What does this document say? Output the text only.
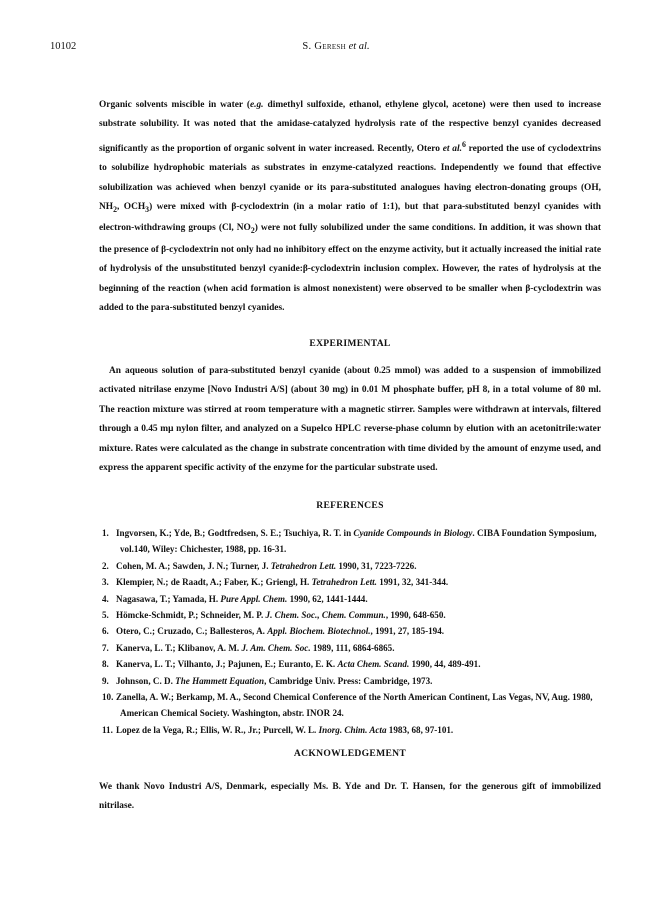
10102	S. Geresh et al.

Organic solvents miscible in water (e.g. dimethyl sulfoxide, ethanol, ethylene glycol, acetone) were then used to increase substrate solubility. It was noted that the amidase-catalyzed hydrolysis rate of the respective benzyl cyanides decreased significantly as the proportion of organic solvent in water increased. Recently, Otero et al.$^6$ reported the use of cyclodextrins to solubilize hydrophobic materials as substrates in enzyme-catalyzed reactions. Independently we found that effective solubilization was achieved when benzyl cyanide or its para-substituted analogues having electron-donating groups (OH, $NH_2$, $OCH_3$) were mixed with β-cyclodextrin (in a molar ratio of 1:1), but that para-substituted benzyl cyanides with electron-withdrawing groups (Cl, $NO_2$) were not fully solubilized under the same conditions. In addition, it was shown that the presence of β-cyclodextrin not only had no inhibitory effect on the enzyme activity, but it actually increased the initial rate of hydrolysis of the unsubstituted benzyl cyanide:β-cyclodextrin inclusion complex. However, the rates of hydrolysis at the beginning of the reaction (when acid formation is almost nonexistent) were observed to be smaller when β-cyclodextrin was added to the para-substituted benzyl cyanides.

EXPERIMENTAL

An aqueous solution of para-substituted benzyl cyanide (about 0.25 mmol) was added to a suspension of immobilized activated nitrilase enzyme [Novo Industri A/S] (about 30 mg) in 0.01 M phosphate buffer, pH 8, in a total volume of 80 ml. The reaction mixture was stirred at room temperature with a magnetic stirrer. Samples were withdrawn at intervals, filtered through a 0.45 mμ nylon filter, and analyzed on a Supelco HPLC reverse-phase column by elution with an acetonitrile:water mixture. Rates were calculated as the change in substrate concentration with time divided by the amount of enzyme used, and express the apparent specific activity of the enzyme for the particular substrate used.

REFERENCES
1. Ingvorsen, K.; Yde, B.; Godtfredsen, S. E.; Tsuchiya, R. T. in Cyanide Compounds in Biology. CIBA Foundation Symposium, vol.140, Wiley: Chichester, 1988, pp. 16-31.
2. Cohen, M. A.; Sawden, J. N.; Turner, J. Tetrahedron Lett. 1990, 31, 7223-7226.
3. Klempier, N.; de Raadt, A.; Faber, K.; Griengl, H. Tetrahedron Lett. 1991, 32, 341-344.
4. Nagasawa, T.; Yamada, H. Pure Appl. Chem. 1990, 62, 1441-1444.
5. Hömcke-Schmidt, P.; Schneider, M. P. J. Chem. Soc., Chem. Commun., 1990, 648-650.
6. Otero, C.; Cruzado, C.; Ballesteros, A. Appl. Biochem. Biotechnol., 1991, 27, 185-194.
7. Kanerva, L. T.; Klibanov, A. M. J. Am. Chem. Soc. 1989, 111, 6864-6865.
8. Kanerva, L. T.; Vilhanto, J.; Pajunen, E.; Euranto, E. K. Acta Chem. Scand. 1990, 44, 489-491.
9. Johnson, C. D. The Hammett Equation, Cambridge Univ. Press: Cambridge, 1973.
10. Zanella, A. W.; Berkamp, M. A., Second Chemical Conference of the North American Continent, Las Vegas, NV, Aug. 1980, American Chemical Society. Washington, abstr. INOR 24.
11. Lopez de la Vega, R.; Ellis, W. R., Jr.; Purcell, W. L. Inorg. Chim. Acta 1983, 68, 97-101.
ACKNOWLEDGEMENT

We thank Novo Industri A/S, Denmark, especially Ms. B. Yde and Dr. T. Hansen, for the generous gift of immobilized nitrilase.
